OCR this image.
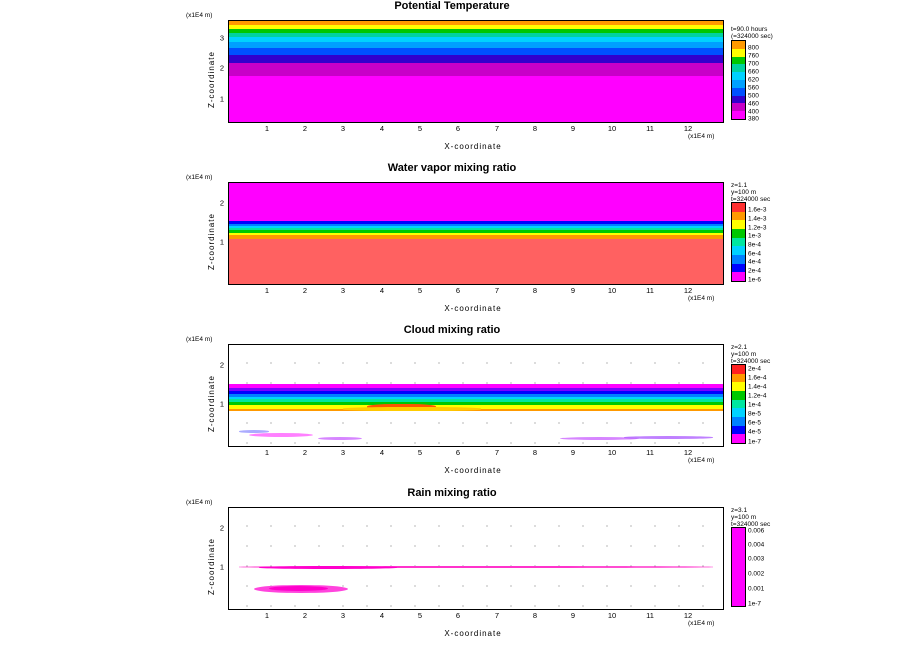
Potential Temperature
(x1E4 m)
Z-coordinate 1
2
3
1	2	3	4	5	6	7	8	9	10	11	12
(x1E4 m)
X-coordinate
t=90.0 hours
(=324000 sec)
800
760
700
660
620
560
500
460
400
380
Water vapor mixing ratio
(x1E4 m)
Z-coordinate 1
2
1	2	3	4	5	6	7	8	9	10	11	12
(x1E4 m)
X-coordinate
z=1.1
y=100 m
t=324000 sec
1.6e-3
1.4e-3
1.2e-3
1e-3
8e-4
6e-4
4e-4
2e-4
1e-6
Cloud mixing ratio
(x1E4 m)
Z-coordinate 1
2
1	2	3	4	5	6	7	8	9	10	11	12
(x1E4 m)
X-coordinate
z=2.1
y=100 m
t=324000 sec
2e-4
1.6e-4
1.4e-4
1.2e-4
1e-4
8e-5
6e-5
4e-5
1e-7
Rain mixing ratio
(x1E4 m)
Z-coordinate 1
2
1	2	3	4	5	6	7	8	9	10	11	12
(x1E4 m)
X-coordinate
z=3.1
y=100 m
t=324000 sec
0.006
0.004
0.003
0.002
0.001
1e-7
